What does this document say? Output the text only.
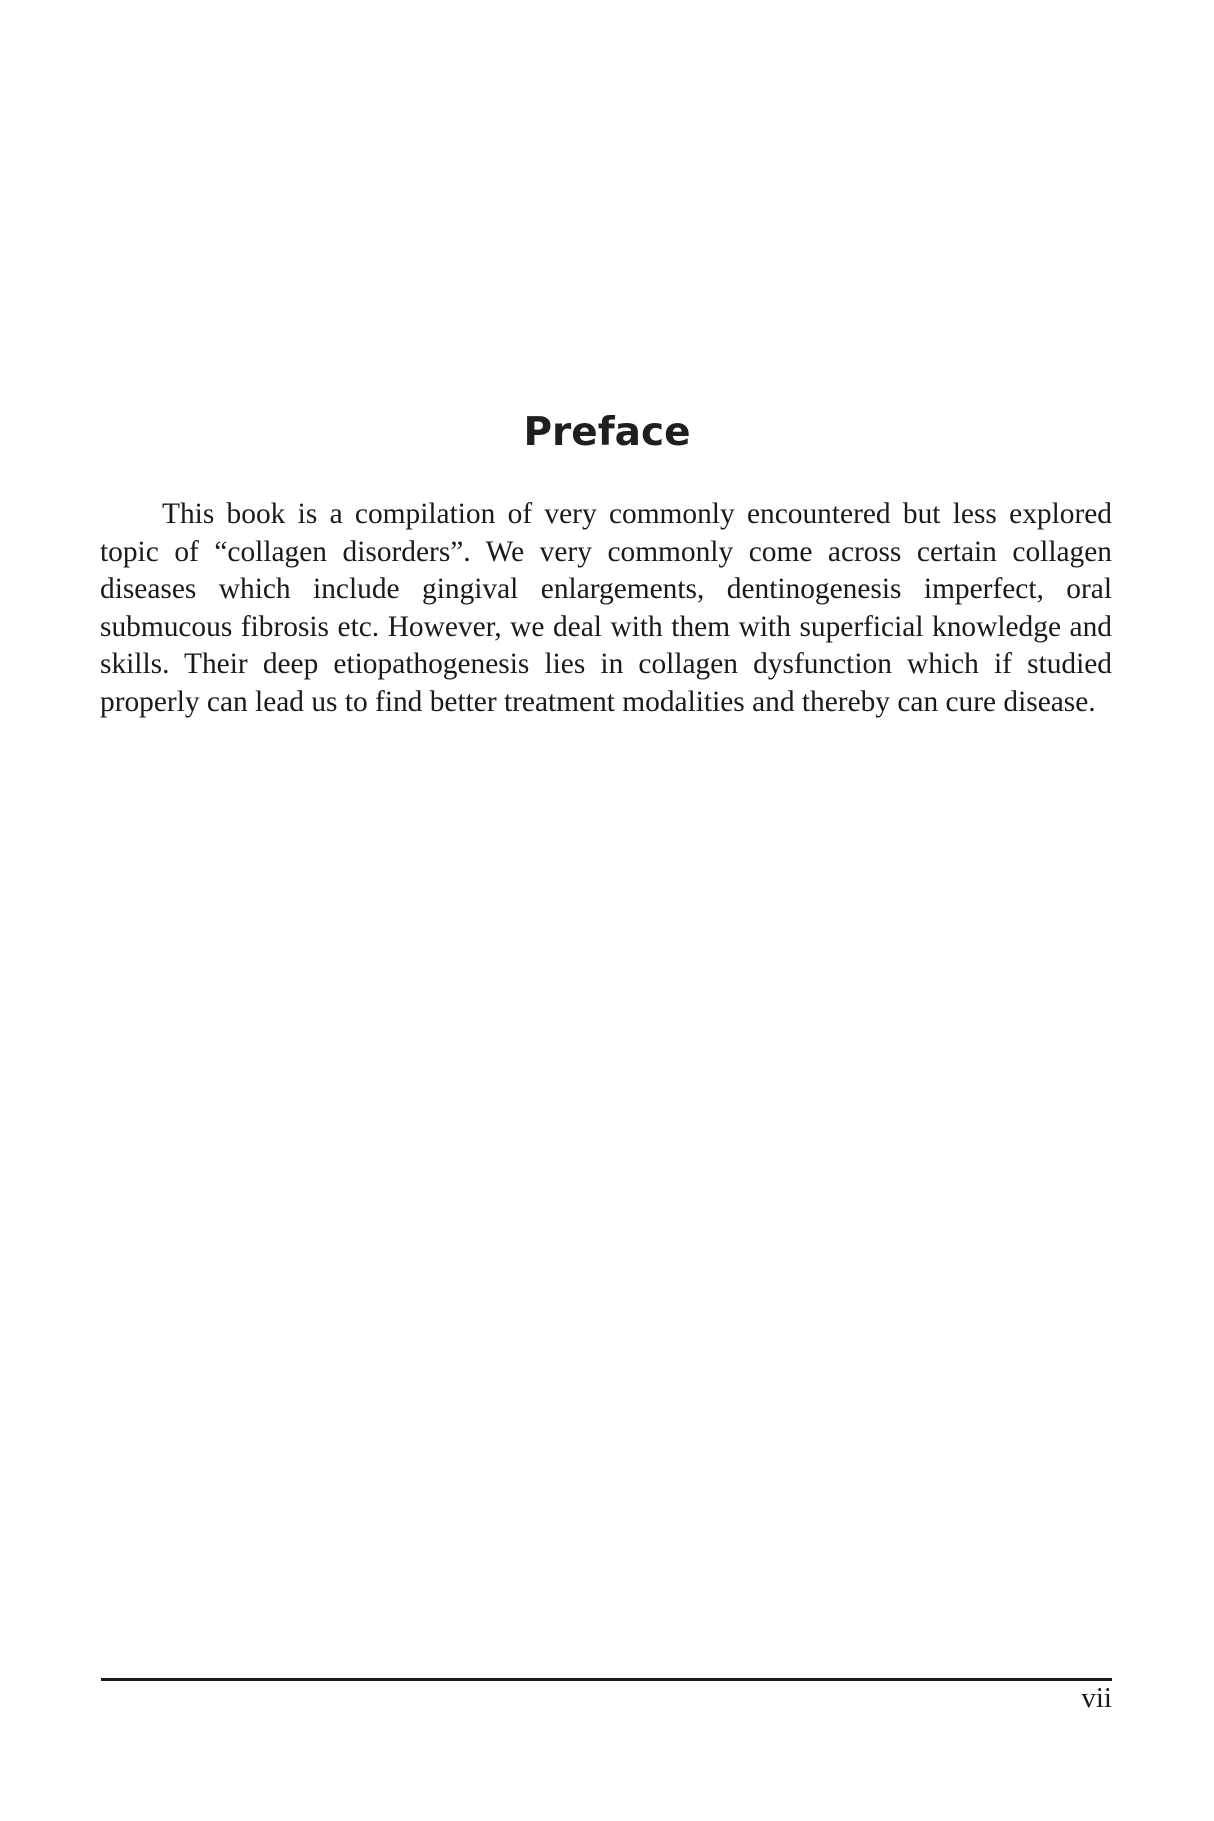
Preface

This book is a compilation of very commonly encountered but less explored topic of “collagen disorders”. We very commonly come across certain collagen diseases which include gingival enlargements, dentinogenesis imperfect, oral submucous fibrosis etc. However, we deal with them with superficial knowledge and skills. Their deep etiopathogenesis lies in collagen dysfunction which if studied properly can lead us to find better treatment modalities and thereby can cure disease.

vii
